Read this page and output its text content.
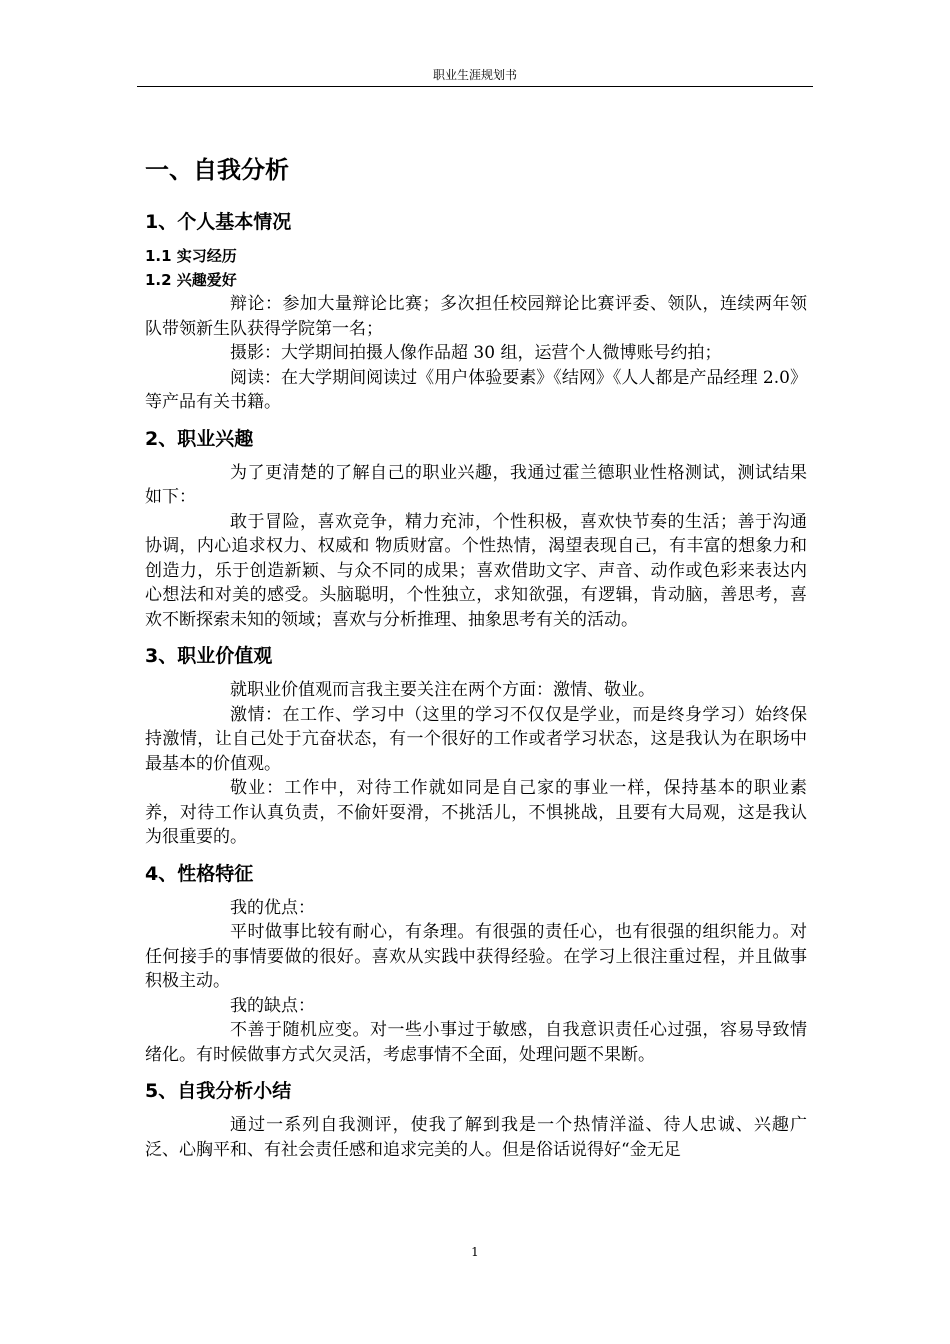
职业生涯规划书
一、自我分析
1、个人基本情况
1.1 实习经历
1.2 兴趣爱好

辩论：参加大量辩论比赛；多次担任校园辩论比赛评委、领队，连续两年领队带领新生队获得学院第一名；

摄影：大学期间拍摄人像作品超 30 组，运营个人微博账号约拍；

阅读：在大学期间阅读过《用户体验要素》《结网》《人人都是产品经理 2.0》等产品有关书籍。

2、职业兴趣

为了更清楚的了解自己的职业兴趣，我通过霍兰德职业性格测试，测试结果如下：

敢于冒险，喜欢竞争，精力充沛，个性积极，喜欢快节奏的生活；善于沟通协调，内心追求权力、权威和 物质财富。个性热情，渴望表现自己，有丰富的想象力和创造力，乐于创造新颖、与众不同的成果；喜欢借助文字、声音、动作或色彩来表达内心想法和对美的感受。头脑聪明，个性独立，求知欲强，有逻辑，肯动脑，善思考，喜欢不断探索未知的领域；喜欢与分析推理、抽象思考有关的活动。

3、职业价值观

就职业价值观而言我主要关注在两个方面：激情、敬业。

激情：在工作、学习中（这里的学习不仅仅是学业，而是终身学习）始终保持激情，让自己处于亢奋状态，有一个很好的工作或者学习状态，这是我认为在职场中最基本的价值观。

敬业：工作中，对待工作就如同是自己家的事业一样，保持基本的职业素养，对待工作认真负责，不偷奸耍滑，不挑活儿，不惧挑战，且要有大局观，这是我认为很重要的。

4、性格特征

我的优点：

平时做事比较有耐心，有条理。有很强的责任心，也有很强的组织能力。对任何接手的事情要做的很好。喜欢从实践中获得经验。在学习上很注重过程，并且做事积极主动。

我的缺点：

不善于随机应变。对一些小事过于敏感，自我意识责任心过强，容易导致情绪化。有时候做事方式欠灵活，考虑事情不全面，处理问题不果断。

5、自我分析小结

通过一系列自我测评，使我了解到我是一个热情洋溢、待人忠诚、兴趣广泛、心胸平和、有社会责任感和追求完美的人。但是俗话说得好“金无足

1
